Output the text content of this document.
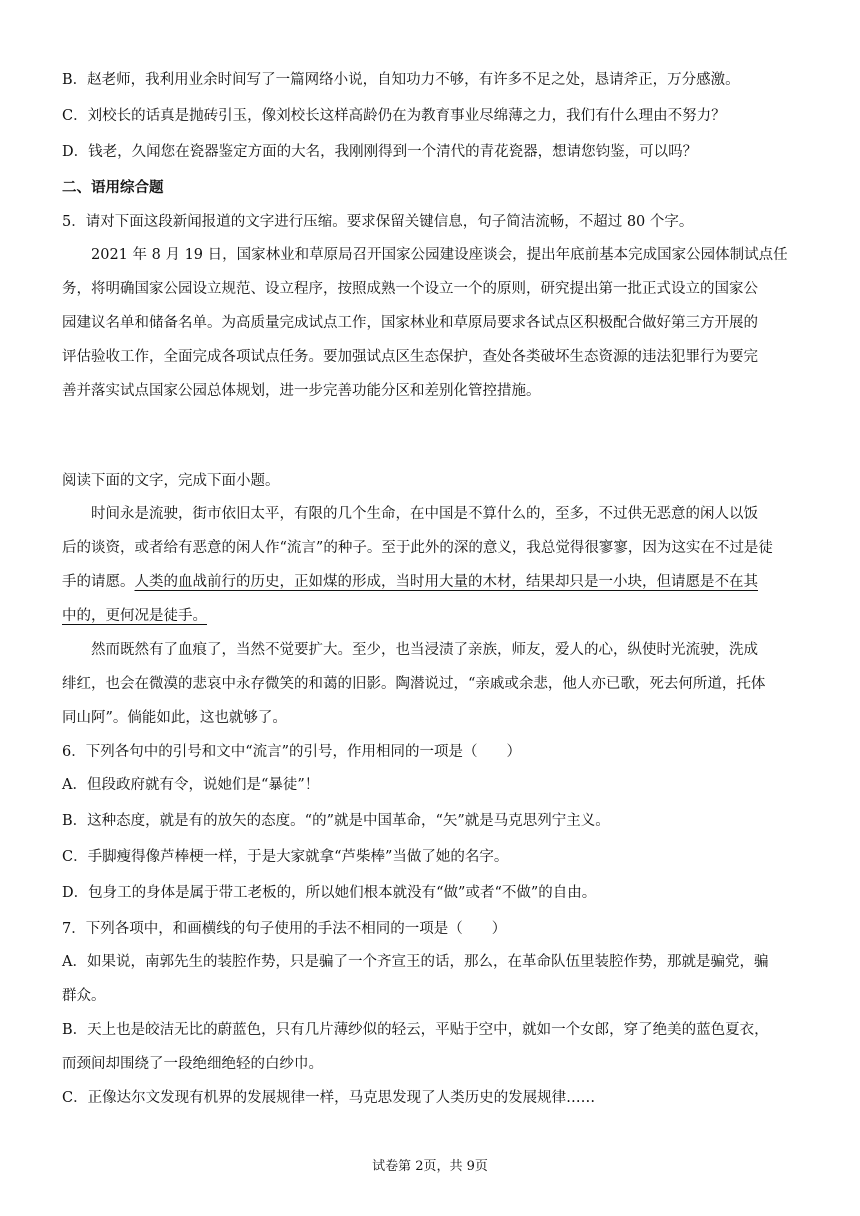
B．赵老师，我利用业余时间写了一篇网络小说，自知功力不够，有许多不足之处，恳请斧正，万分感激。
C．刘校长的话真是抛砖引玉，像刘校长这样高龄仍在为教育事业尽绵薄之力，我们有什么理由不努力？
D．钱老，久闻您在瓷器鉴定方面的大名，我刚刚得到一个清代的青花瓷器，想请您钧鉴，可以吗？
二、语用综合题
5．请对下面这段新闻报道的文字进行压缩。要求保留关键信息，句子简洁流畅，不超过 80 个字。
2021 年 8 月 19 日，国家林业和草原局召开国家公园建设座谈会，提出年底前基本完成国家公园体制试点任
务，将明确国家公园设立规范、设立程序，按照成熟一个设立一个的原则，研究提出第一批正式设立的国家公
园建议名单和储备名单。为高质量完成试点工作，国家林业和草原局要求各试点区积极配合做好第三方开展的
评估验收工作，全面完成各项试点任务。要加强试点区生态保护，查处各类破坏生态资源的违法犯罪行为要完
善并落实试点国家公园总体规划，进一步完善功能分区和差别化管控措施。
阅读下面的文字，完成下面小题。
时间永是流驶，街市依旧太平，有限的几个生命，在中国是不算什么的，至多，不过供无恶意的闲人以饭
后的谈资，或者给有恶意的闲人作“流言”的种子。至于此外的深的意义，我总觉得很寥寥，因为这实在不过是徒
手的请愿。人类的血战前行的历史，正如煤的形成，当时用大量的木材，结果却只是一小块，但请愿是不在其
中的，更何况是徒手。
然而既然有了血痕了，当然不觉要扩大。至少，也当浸渍了亲族，师友，爱人的心，纵使时光流驶，洗成
绯红，也会在微漠的悲哀中永存微笑的和蔼的旧影。陶潜说过，“亲戚或余悲，他人亦已歌，死去何所道，托体
同山阿”。倘能如此，这也就够了。
6．下列各句中的引号和文中“流言”的引号，作用相同的一项是（　　）
A．但段政府就有令，说她们是“暴徒”！
B．这种态度，就是有的放矢的态度。“的”就是中国革命，“矢”就是马克思列宁主义。
C．手脚瘦得像芦棒梗一样，于是大家就拿“芦柴棒”当做了她的名字。
D．包身工的身体是属于带工老板的，所以她们根本就没有“做”或者“不做”的自由。
7．下列各项中，和画横线的句子使用的手法不相同的一项是（　　）
A．如果说，南郭先生的装腔作势，只是骗了一个齐宣王的话，那么，在革命队伍里装腔作势，那就是骗党，骗
群众。
B．天上也是皎洁无比的蔚蓝色，只有几片薄纱似的轻云，平贴于空中，就如一个女郎，穿了绝美的蓝色夏衣，
而颈间却围绕了一段绝细绝轻的白纱巾。
C．正像达尔文发现有机界的发展规律一样，马克思发现了人类历史的发展规律……
试卷第 2页，共 9页
